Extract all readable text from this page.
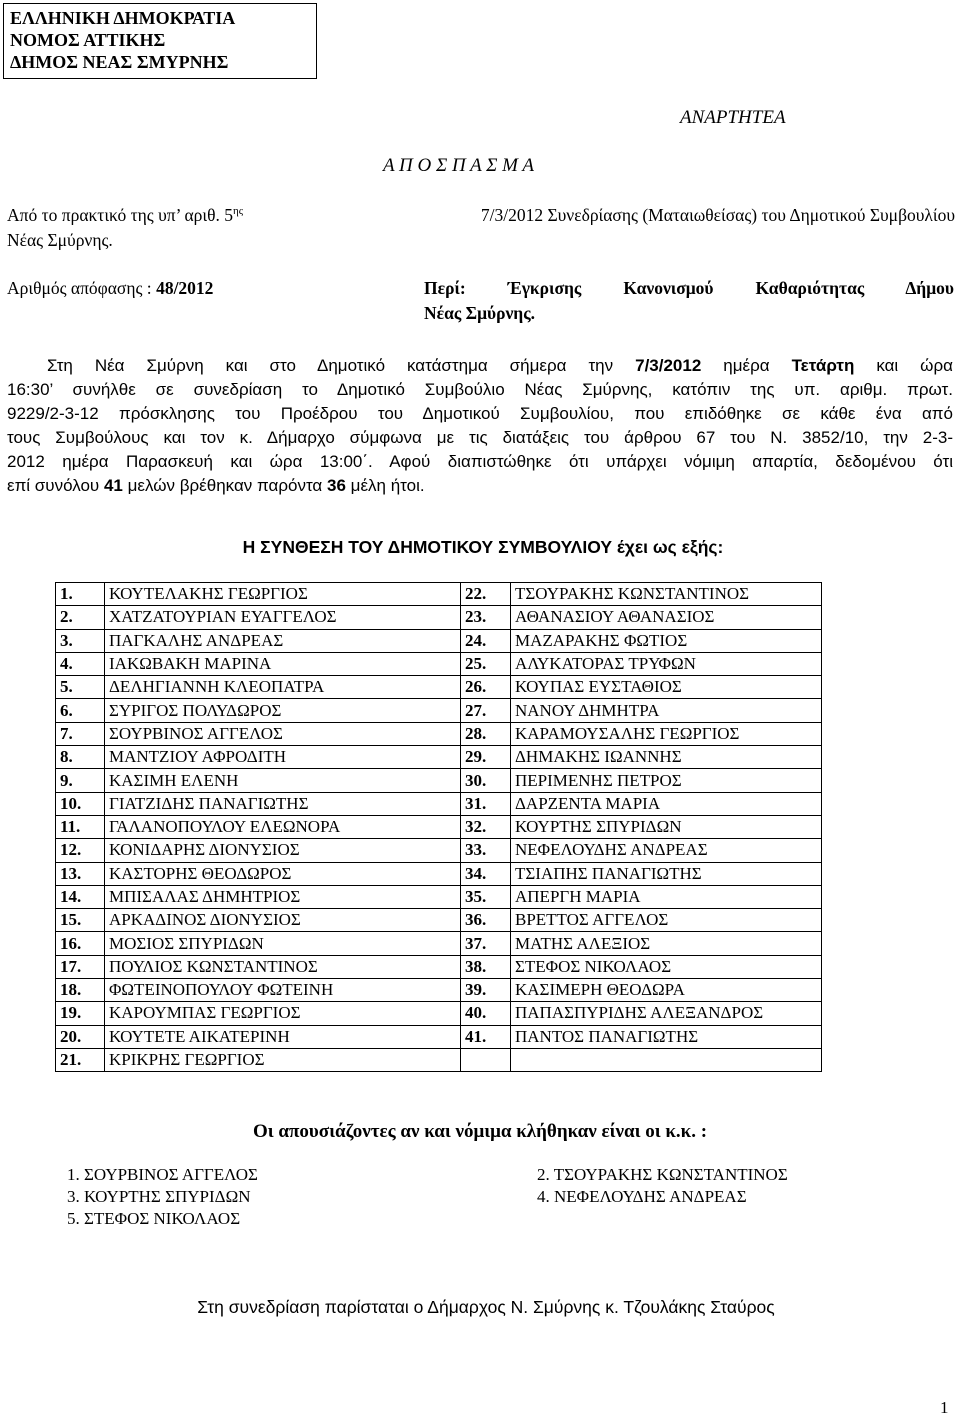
ΕΛΛΗΝΙΚΗ ΔΗΜΟΚΡΑΤΙΑ
ΝΟΜΟΣ ΑΤΤΙΚΗΣ
ΔΗΜΟΣ ΝΕΑΣ ΣΜΥΡΝΗΣ
ΑΝΑΡΤΗΤΕΑ
Α Π Ο Σ Π Α Σ Μ Α
Από το πρακτικό της υπ’ αριθ. $5^{\eta\varsigma}$	7/3/2012 Συνεδρίασης (Ματαιωθείσας) του Δημοτικού Συμβουλίου
Νέας Σμύρνης.
Αριθμός απόφασης : 48/2012	Περί: Έγκρισης Κανονισμού Καθαριότητας Δήμου
Νέας Σμύρνης.
Στη Νέα Σμύρνη και στο Δημοτικό κατάστημα σήμερα την 7/3/2012 ημέρα Τετάρτη και ώρα
16:30’ συνήλθε σε συνεδρίαση το Δημοτικό Συμβούλιο Νέας Σμύρνης, κατόπιν της υπ. αριθμ. πρωτ.
9229/2-3-12 πρόσκλησης του Προέδρου του Δημοτικού Συμβουλίου, που επιδόθηκε σε κάθε ένα από
τους Συμβούλους και τον κ. Δήμαρχο σύμφωνα με τις διατάξεις του άρθρου 67 του Ν. 3852/10, την 2-3-
2012 ημέρα Παρασκευή και ώρα 13:00΄. Αφού διαπιστώθηκε ότι υπάρχει νόμιμη απαρτία, δεδομένου ότι
επί συνόλου 41 μελών βρέθηκαν παρόντα 36 μέλη ήτοι.
Η ΣΥΝΘΕΣΗ ΤΟΥ ΔΗΜΟΤΙΚΟΥ ΣΥΜΒΟΥΛΙΟΥ έχει ως εξής:
1.	ΚΟΥΤΕΛΑΚΗΣ ΓΕΩΡΓΙΟΣ	22.	ΤΣΟΥΡΑΚΗΣ ΚΩΝΣΤΑΝΤΙΝΟΣ
2.	ΧΑΤΖΑΤΟΥΡΙΑΝ ΕΥΑΓΓΕΛΟΣ	23.	ΑΘΑΝΑΣΙΟΥ ΑΘΑΝΑΣΙΟΣ
3.	ΠΑΓΚΑΛΗΣ ΑΝΔΡΕΑΣ	24.	ΜΑΖΑΡΑΚΗΣ ΦΩΤΙΟΣ
4.	ΙΑΚΩΒΑΚΗ ΜΑΡΙΝΑ	25.	ΑΛΥΚΑΤΟΡΑΣ ΤΡΥΦΩΝ
5.	ΔΕΛΗΓΙΑΝΝΗ ΚΛΕΟΠΑΤΡΑ	26.	ΚΟΥΠΑΣ ΕΥΣΤΑΘΙΟΣ
6.	ΣΥΡΙΓΟΣ ΠΟΛΥΔΩΡΟΣ	27.	ΝΑΝΟΥ ΔΗΜΗΤΡΑ
7.	ΣΟΥΡΒΙΝΟΣ ΑΓΓΕΛΟΣ	28.	ΚΑΡΑΜΟΥΣΑΛΗΣ ΓΕΩΡΓΙΟΣ
8.	ΜΑΝΤΖΙΟΥ ΑΦΡΟΔΙΤΗ	29.	ΔΗΜΑΚΗΣ ΙΩΑΝΝΗΣ
9.	ΚΑΣΙΜΗ ΕΛΕΝΗ	30.	ΠΕΡΙΜΕΝΗΣ ΠΕΤΡΟΣ
10.	ΓΙΑΤΖΙΔΗΣ ΠΑΝΑΓΙΩΤΗΣ	31.	ΔΑΡΖΕΝΤΑ ΜΑΡΙΑ
11.	ΓΑΛΑΝΟΠΟΥΛΟΥ ΕΛΕΩΝΟΡΑ	32.	ΚΟΥΡΤΗΣ ΣΠΥΡΙΔΩΝ
12.	ΚΟΝΙΔΑΡΗΣ ΔΙΟΝΥΣΙΟΣ	33.	ΝΕΦΕΛΟΥΔΗΣ ΑΝΔΡΕΑΣ
13.	ΚΑΣΤΟΡΗΣ ΘΕΟΔΩΡΟΣ	34.	ΤΣΙΑΠΗΣ ΠΑΝΑΓΙΩΤΗΣ
14.	ΜΠΙΣΑΛΑΣ ΔΗΜΗΤΡΙΟΣ	35.	ΑΠΕΡΓΗ ΜΑΡΙΑ
15.	ΑΡΚΑΔΙΝΟΣ ΔΙΟΝΥΣΙΟΣ	36.	ΒΡΕΤΤΟΣ ΑΓΓΕΛΟΣ
16.	ΜΟΣΙΟΣ ΣΠΥΡΙΔΩΝ	37.	ΜΑΤΗΣ ΑΛΕΞΙΟΣ
17.	ΠΟΥΛΙΟΣ ΚΩΝΣΤΑΝΤΙΝΟΣ	38.	ΣΤΕΦΟΣ ΝΙΚΟΛΑΟΣ
18.	ΦΩΤΕΙΝΟΠΟΥΛΟΥ ΦΩΤΕΙΝΗ	39.	ΚΑΣΙΜΕΡΗ ΘΕΟΔΩΡΑ
19.	ΚΑΡΟΥΜΠΑΣ ΓΕΩΡΓΙΟΣ	40.	ΠΑΠΑΣΠΥΡΙΔΗΣ ΑΛΕΞΑΝΔΡΟΣ
20.	ΚΟΥΤΕΤΕ ΑΙΚΑΤΕΡΙΝΗ	41.	ΠΑΝΤΟΣ ΠΑΝΑΓΙΩΤΗΣ
21.	ΚΡΙΚΡΗΣ ΓΕΩΡΓΙΟΣ		
Οι απουσιάζοντες αν και νόμιμα κλήθηκαν είναι οι κ.κ. :
1. ΣΟΥΡΒΙΝΟΣ ΑΓΓΕΛΟΣ	2. ΤΣΟΥΡΑΚΗΣ ΚΩΝΣΤΑΝΤΙΝΟΣ
3. ΚΟΥΡΤΗΣ ΣΠΥΡΙΔΩΝ	4. ΝΕΦΕΛΟΥΔΗΣ ΑΝΔΡΕΑΣ
5. ΣΤΕΦΟΣ ΝΙΚΟΛΑΟΣ
Στη συνεδρίαση παρίσταται ο Δήμαρχος Ν. Σμύρνης κ. Τζουλάκης Σταύρος
1
